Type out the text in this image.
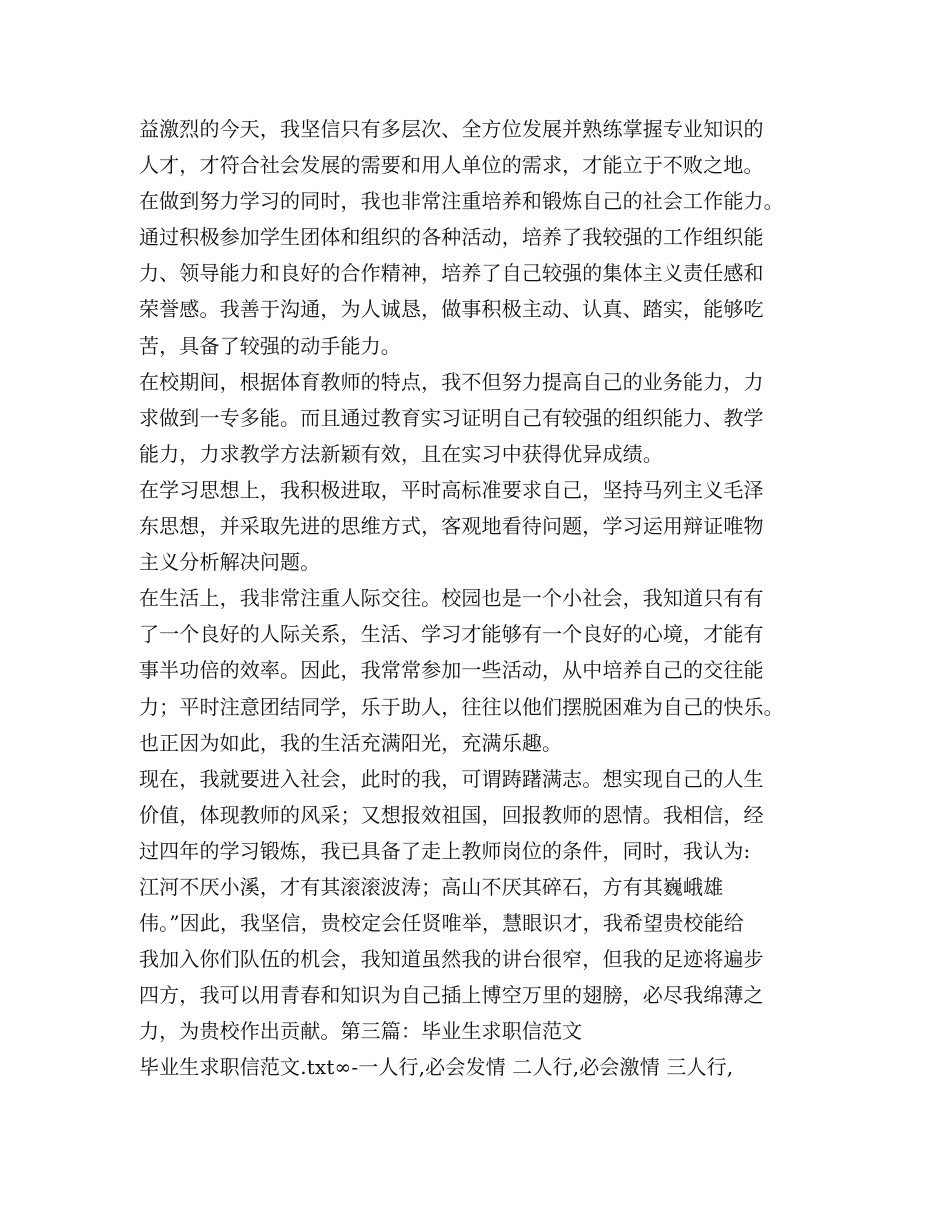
益激烈的今天，我坚信只有多层次、全方位发展并熟练掌握专业知识的
人才，才符合社会发展的需要和用人单位的需求，才能立于不败之地。
在做到努力学习的同时，我也非常注重培养和锻炼自己的社会工作能力。
通过积极参加学生团体和组织的各种活动，培养了我较强的工作组织能
力、领导能力和良好的合作精神，培养了自己较强的集体主义责任感和
荣誉感。我善于沟通，为人诚恳，做事积极主动、认真、踏实，能够吃
苦，具备了较强的动手能力。
在校期间，根据体育教师的特点，我不但努力提高自己的业务能力，力
求做到一专多能。而且通过教育实习证明自己有较强的组织能力、教学
能力，力求教学方法新颖有效，且在实习中获得优异成绩。
在学习思想上，我积极进取，平时高标准要求自己，坚持马列主义毛泽
东思想，并采取先进的思维方式，客观地看待问题，学习运用辩证唯物
主义分析解决问题。
在生活上，我非常注重人际交往。校园也是一个小社会，我知道只有有
了一个良好的人际关系，生活、学习才能够有一个良好的心境，才能有
事半功倍的效率。因此，我常常参加一些活动，从中培养自己的交往能
力；平时注意团结同学，乐于助人，往往以他们摆脱困难为自己的快乐。
也正因为如此，我的生活充满阳光，充满乐趣。
现在，我就要进入社会，此时的我，可谓踌躇满志。想实现自己的人生
价值，体现教师的风采；又想报效祖国，回报教师的恩情。我相信，经
过四年的学习锻炼，我已具备了走上教师岗位的条件，同时，我认为:
江河不厌小溪，才有其滚滚波涛；高山不厌其碎石，方有其巍峨雄
伟。”因此，我坚信，贵校定会任贤唯举，慧眼识才，我希望贵校能给
我加入你们队伍的机会，我知道虽然我的讲台很窄，但我的足迹将遍步
四方，我可以用青春和知识为自己插上博空万里的翅膀，必尽我绵薄之
力，为贵校作出贡献。第三篇：毕业生求职信范文
毕业生求职信范文.txt∞-一人行,必会发情 二人行,必会激情 三人行,
